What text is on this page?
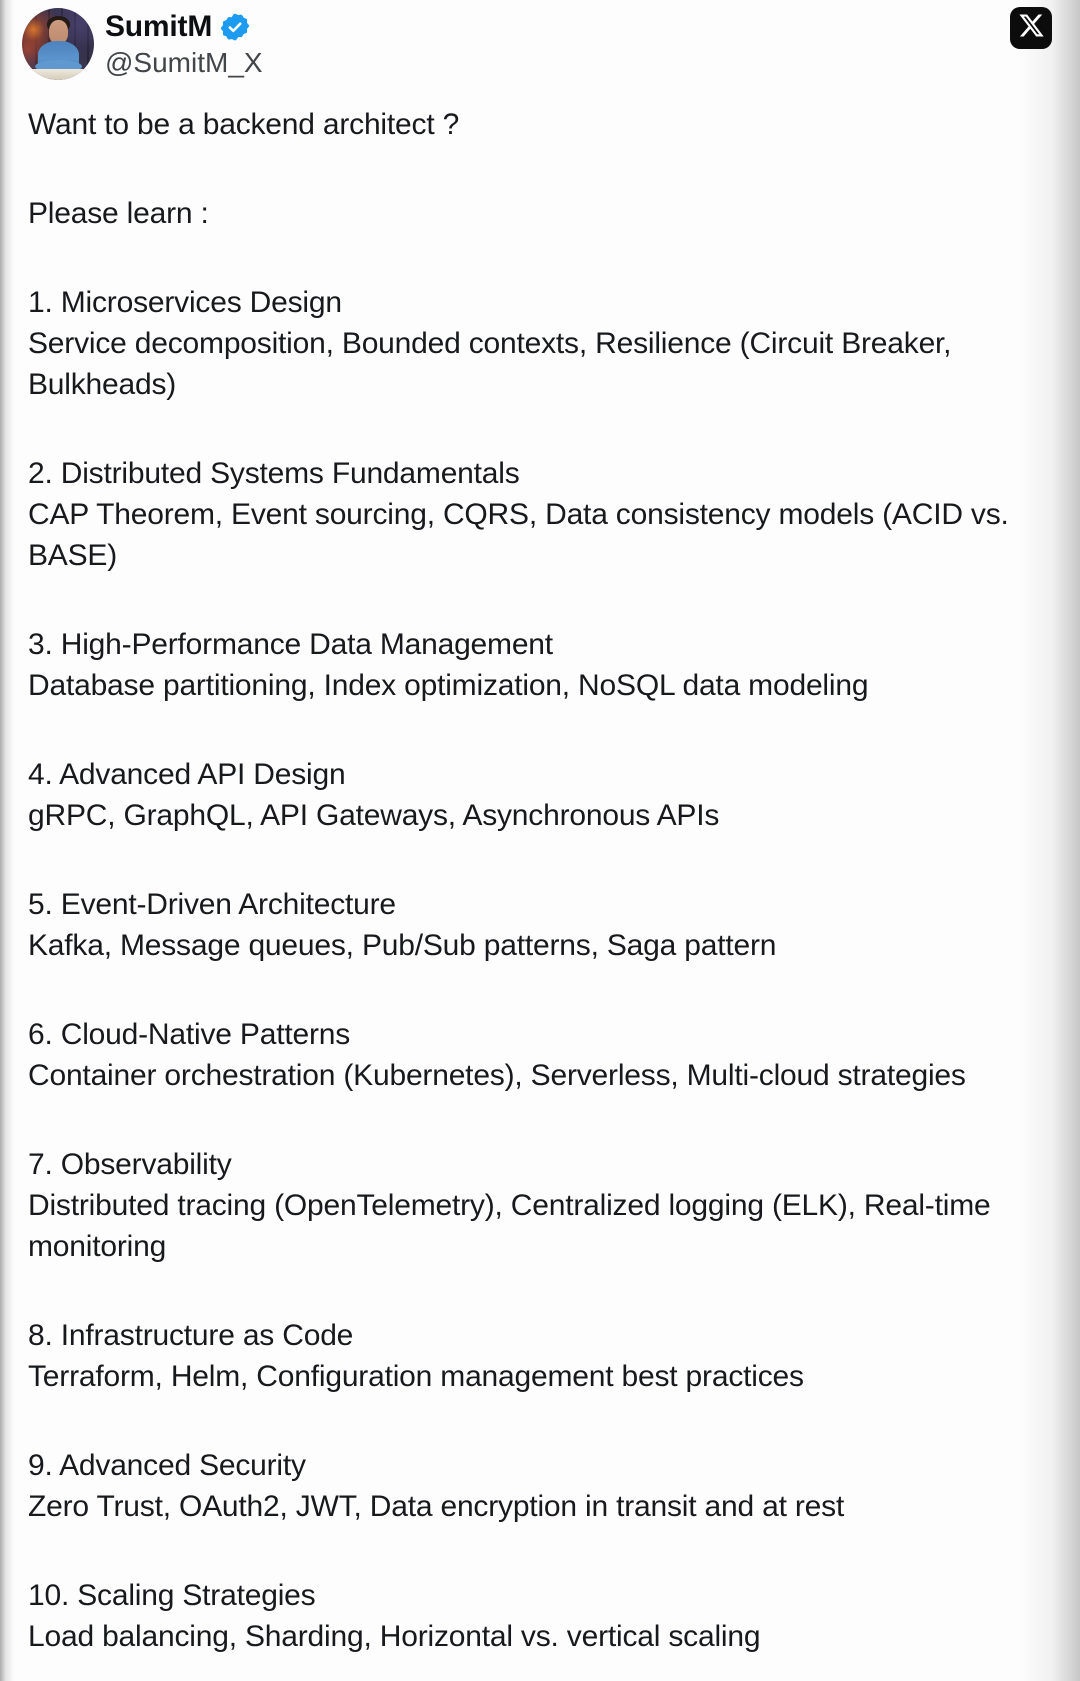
SumitM
@SumitM_X

Want to be a backend architect ?

Please learn :

1. Microservices Design
Service decomposition, Bounded contexts, Resilience (Circuit Breaker, Bulkheads)
2. Distributed Systems Fundamentals
CAP Theorem, Event sourcing, CQRS, Data consistency models (ACID vs. BASE)
3. High-Performance Data Management
Database partitioning, Index optimization, NoSQL data modeling
4. Advanced API Design
gRPC, GraphQL, API Gateways, Asynchronous APIs
5. Event-Driven Architecture
Kafka, Message queues, Pub/Sub patterns, Saga pattern
6. Cloud-Native Patterns
Container orchestration (Kubernetes), Serverless, Multi-cloud strategies
7. Observability
Distributed tracing (OpenTelemetry), Centralized logging (ELK), Real-time monitoring
8. Infrastructure as Code
Terraform, Helm, Configuration management best practices
9. Advanced Security
Zero Trust, OAuth2, JWT, Data encryption in transit and at rest
10. Scaling Strategies
Load balancing, Sharding, Horizontal vs. vertical scaling
